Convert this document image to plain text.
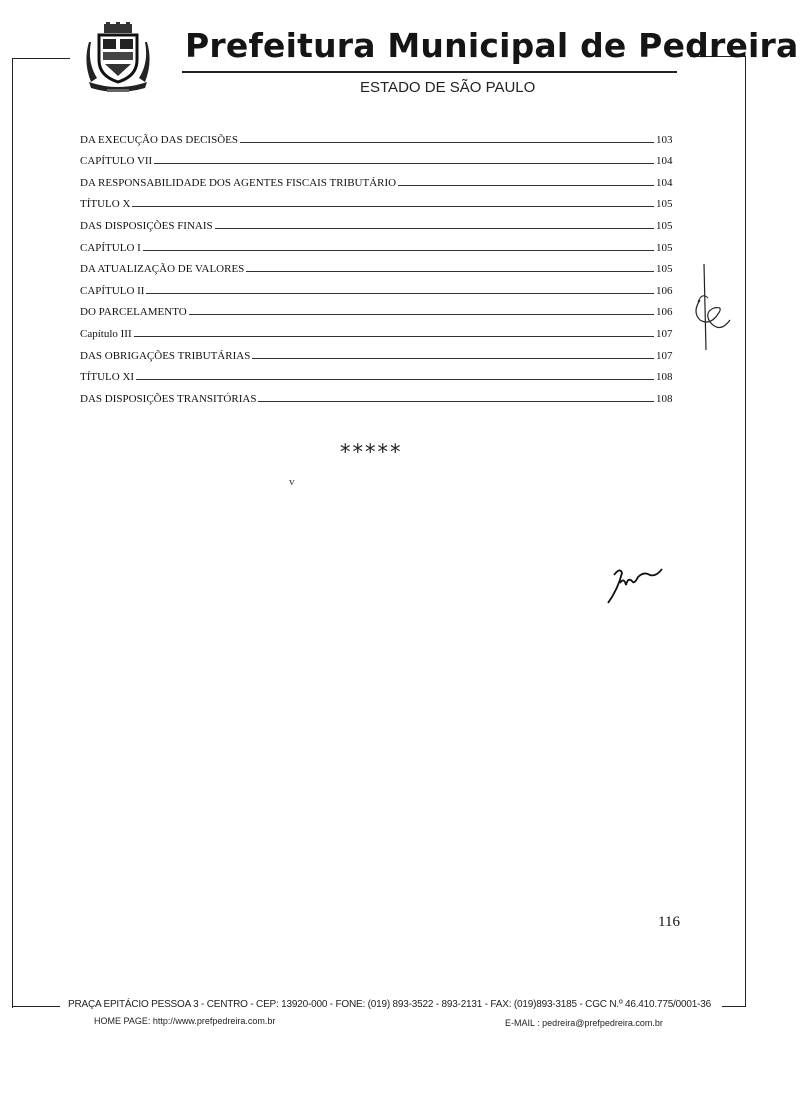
Prefeitura Municipal de Pedreira
ESTADO DE SÃO PAULO
DA EXECUÇÃO DAS DECISÕES	103
CAPÍTULO VII	104
DA RESPONSABILIDADE DOS AGENTES FISCAIS TRIBUTÁRIO	104
TÍTULO X	105
DAS DISPOSIÇÕES FINAIS	105
CAPÍTULO I	105
DA ATUALIZAÇÃO DE VALORES	105
CAPÍTULO II	106
DO PARCELAMENTO	106
Capítulo III	107
DAS OBRIGAÇÕES TRIBUTÁRIAS	107
TÍTULO XI	108
DAS DISPOSIÇÕES TRANSITÓRIAS	108
*****
v
116
PRAÇA EPITÁCIO PESSOA 3 - CENTRO - CEP: 13920-000 - FONE: (019) 893-3522 - 893-2131 - FAX: (019)893-3185 - CGC N.º 46.410.775/0001-36
HOME PAGE: http://www.prefpedreira.com.br	E-MAIL : pedreira@prefpedreira.com.br
